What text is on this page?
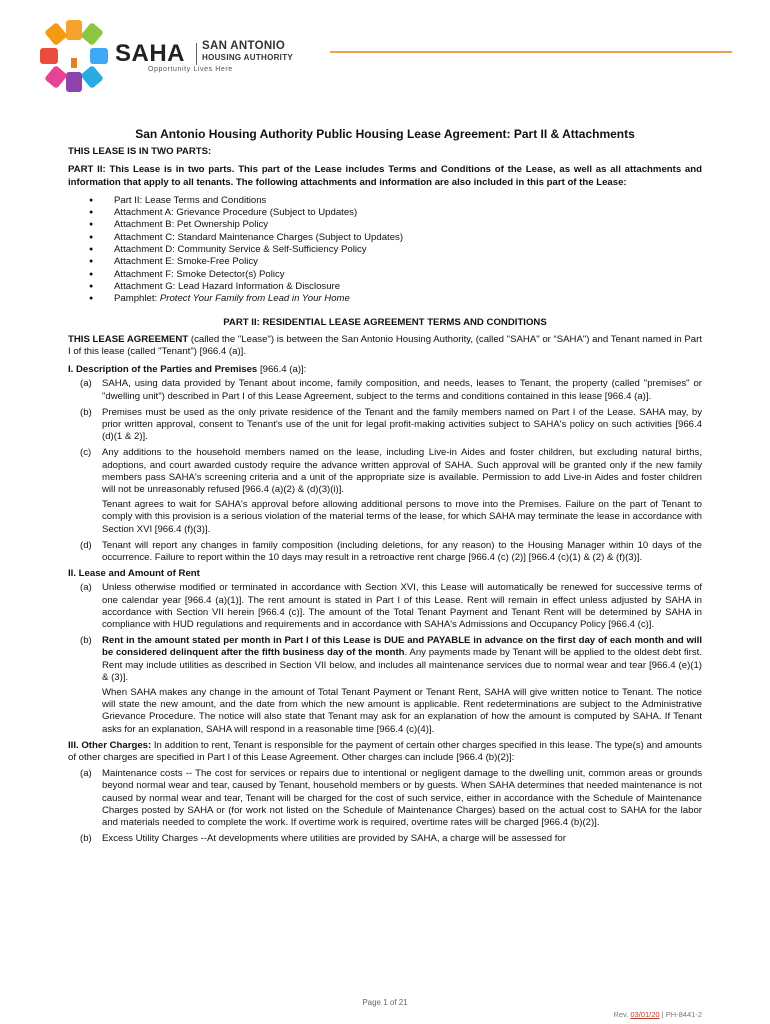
SAHA SAN ANTONIO
HOUSING AUTHORITY
Opportunity Lives Here
San Antonio Housing Authority Public Housing Lease Agreement: Part II & Attachments
THIS LEASE IS IN TWO PARTS:
PART II: This Lease is in two parts. This part of the Lease includes Terms and Conditions of the Lease, as well as all attachments and information that apply to all tenants. The following attachments and information are also included in this part of the Lease:
● Part II: Lease Terms and Conditions
● Attachment A: Grievance Procedure (Subject to Updates)
● Attachment B: Pet Ownership Policy
● Attachment C: Standard Maintenance Charges (Subject to Updates)
● Attachment D: Community Service & Self-Sufficiency Policy
● Attachment E: Smoke-Free Policy
● Attachment F: Smoke Detector(s) Policy
● Attachment G: Lead Hazard Information & Disclosure
● Pamphlet: Protect Your Family from Lead in Your Home
PART II: RESIDENTIAL LEASE AGREEMENT TERMS AND CONDITIONS
THIS LEASE AGREEMENT (called the "Lease") is between the San Antonio Housing Authority, (called "SAHA" or “SAHA") and Tenant named in Part I of this lease (called "Tenant") [966.4 (a)].
I. Description of the Parties and Premises [966.4 (a)]:
(a) SAHA, using data provided by Tenant about income, family composition, and needs, leases to Tenant, the property (called "premises" or "dwelling unit") described in Part I of this Lease Agreement, subject to the terms and conditions contained in this lease [966.4 (a)].
(b) Premises must be used as the only private residence of the Tenant and the family members named on Part I of the Lease. SAHA may, by prior written approval, consent to Tenant's use of the unit for legal profit-making activities subject to SAHA's policy on such activities [966.4 (d)(1 & 2)].
(c) Any additions to the household members named on the lease, including Live-in Aides and foster children, but excluding natural births, adoptions, and court awarded custody require the advance written approval of SAHA. Such approval will be granted only if the new family members pass SAHA's screening criteria and a unit of the appropriate size is available. Permission to add Live-in Aides and foster children will not be unreasonably refused [966.4 (a)(2) & (d)(3)(i)].
Tenant agrees to wait for SAHA's approval before allowing additional persons to move into the Premises. Failure on the part of Tenant to comply with this provision is a serious violation of the material terms of the lease, for which SAHA may terminate the lease in accordance with Section XVI [966.4 (f)(3)].
(d) Tenant will report any changes in family composition (including deletions, for any reason) to the Housing Manager within 10 days of the occurrence. Failure to report within the 10 days may result in a retroactive rent charge [966.4 (c) (2)] [966.4 (c)(1) & (2) & (f)(3)].
II. Lease and Amount of Rent
(a) Unless otherwise modified or terminated in accordance with Section XVI, this Lease will automatically be renewed for successive terms of one calendar year [966.4 (a)(1)]. The rent amount is stated in Part I of this Lease. Rent will remain in effect unless adjusted by SAHA in accordance with Section VII herein [966.4 (c)]. The amount of the Total Tenant Payment and Tenant Rent will be determined by SAHA in compliance with HUD regulations and requirements and in accordance with SAHA's Admissions and Occupancy Policy [966.4 (c)].
(b) Rent in the amount stated per month in Part I of this Lease is DUE and PAYABLE in advance on the first day of each month and will be considered delinquent after the fifth business day of the month. Any payments made by Tenant will be applied to the oldest debt first. Rent may include utilities as described in Section VII below, and includes all maintenance services due to normal wear and tear [966.4 (e)(1) & (3)].
When SAHA makes any change in the amount of Total Tenant Payment or Tenant Rent, SAHA will give written notice to Tenant. The notice will state the new amount, and the date from which the new amount is applicable. Rent redeterminations are subject to the Administrative Grievance Procedure. The notice will also state that Tenant may ask for an explanation of how the amount is computed by SAHA. If Tenant asks for an explanation, SAHA will respond in a reasonable time [966.4 (c)(4)].
III. Other Charges: In addition to rent, Tenant is responsible for the payment of certain other charges specified in this lease. The type(s) and amounts of other charges are specified in Part I of this Lease Agreement. Other charges can include [966.4 (b)(2)]:
(a) Maintenance costs -- The cost for services or repairs due to intentional or negligent damage to the dwelling unit, common areas or grounds beyond normal wear and tear, caused by Tenant, household members or by guests. When SAHA determines that needed maintenance is not caused by normal wear and tear, Tenant will be charged for the cost of such service, either in accordance with the Schedule of Maintenance Charges posted by SAHA or (for work not listed on the Schedule of Maintenance Charges) based on the actual cost to SAHA for the labor and materials needed to complete the work. If overtime work is required, overtime rates will be charged [966.4 (b)(2)].
(b) Excess Utility Charges --At developments where utilities are provided by SAHA, a charge will be assessed for
Page 1 of 21
Rev. 03/01/20 | PH-8441-2
